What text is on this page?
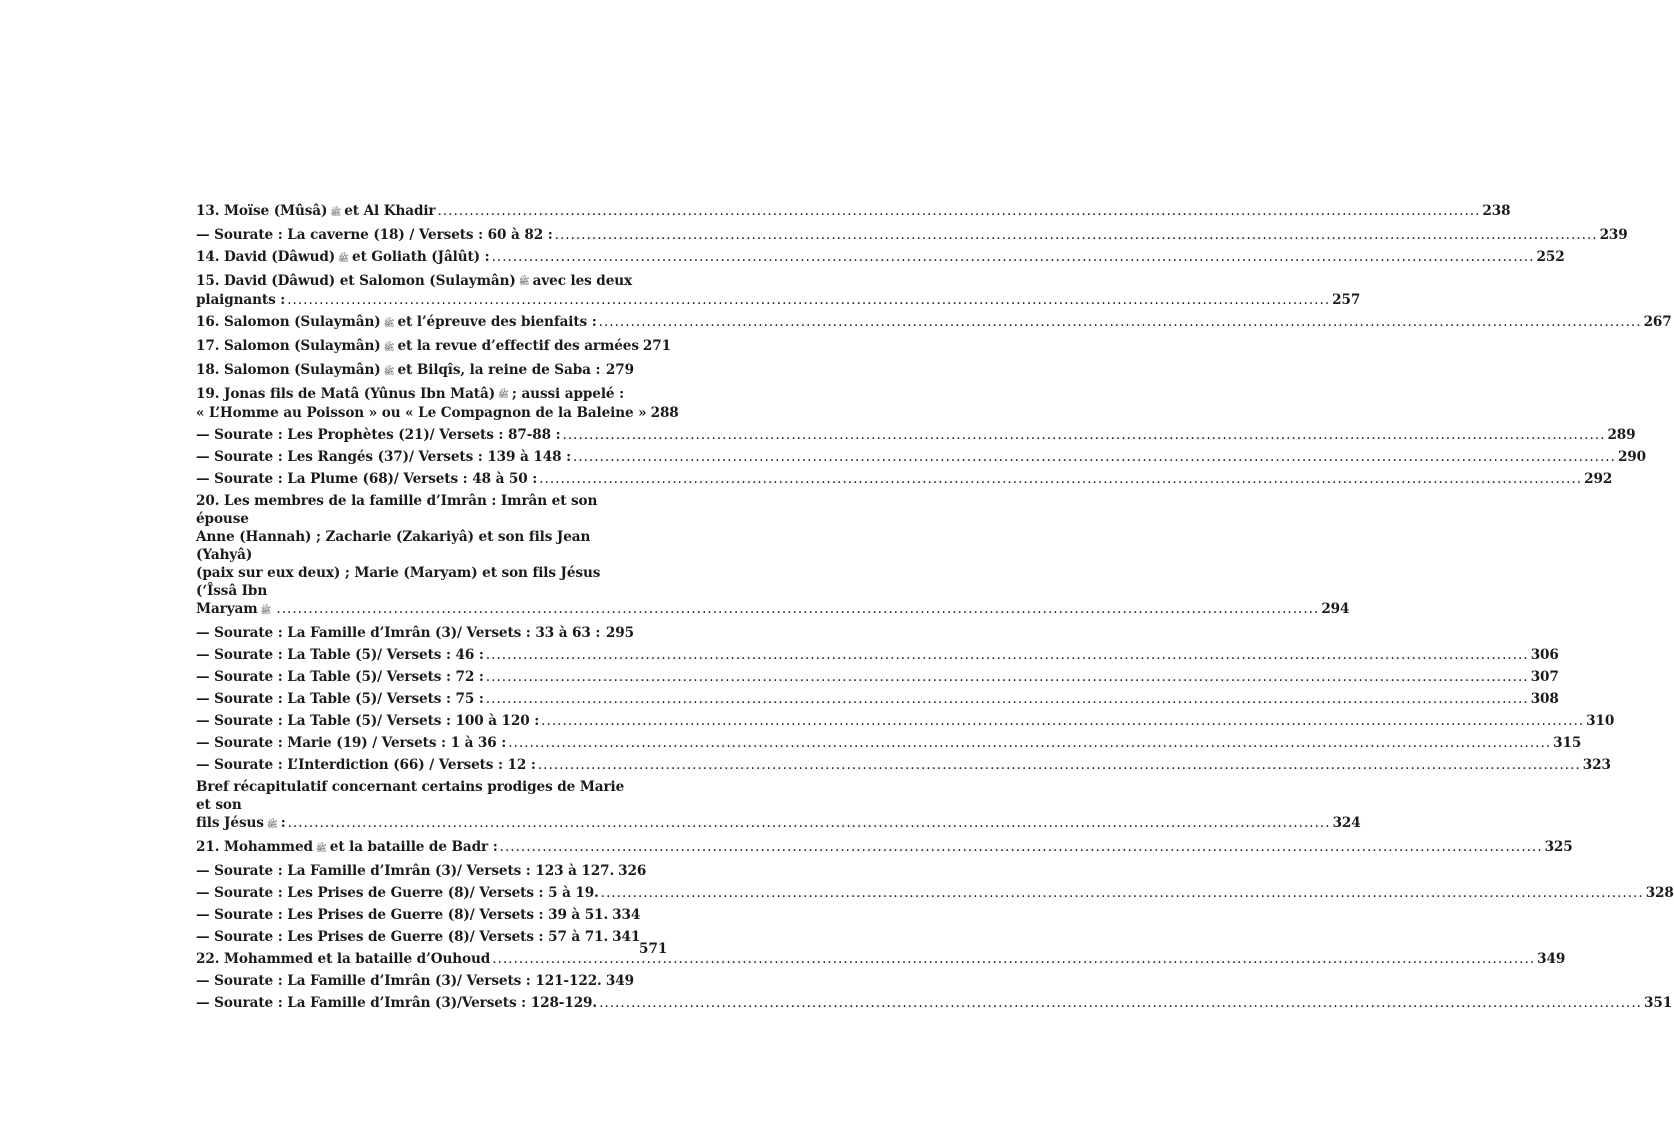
13. Moïse (Mûsâ) ﷺ et Al Khadir .....	238
— Sourate : La caverne (18) / Versets : 60 à 82 : .....	239
14. David (Dâwud) ﷺ et Goliath (Jâlût) : .....	252
15. David (Dâwud) et Salomon (Sulaymân) ﷺ avec les deux
plaignants : .....	257
16. Salomon (Sulaymân) ﷺ et l’épreuve des bienfaits : .....	267
17. Salomon (Sulaymân) ﷺ et la revue d’effectif des armées 271
18. Salomon (Sulaymân) ﷺ et Bilqîs, la reine de Saba : ..... 279
19. Jonas fils de Matâ (Yûnus Ibn Matâ) ﷺ ; aussi appelé :
« L’Homme au Poisson » ou « Le Compagnon de la Baleine » 288
— Sourate : Les Prophètes (21)/ Versets : 87-88 : .....	289
— Sourate : Les Rangés (37)/ Versets : 139 à 148 : .....	290
— Sourate : La Plume (68)/ Versets : 48 à 50 : .....	292
20. Les membres de la famille d’Imrân : Imrân et son épouse
Anne (Hannah) ; Zacharie (Zakariyâ) et son fils Jean (Yahyâ)
(paix sur eux deux) ; Marie (Maryam) et son fils Jésus (‘Îssâ Ibn
Maryam ﷺ .....	294
— Sourate : La Famille d’Imrân (3)/ Versets : 33 à 63 : ..... 295
— Sourate : La Table (5)/ Versets : 46 : .....	306
— Sourate : La Table (5)/ Versets : 72 : .....	307
— Sourate : La Table (5)/ Versets : 75 : .....	308
— Sourate : La Table (5)/ Versets : 100 à 120 : .....	310
— Sourate : Marie (19) / Versets : 1 à 36 : .....	315
— Sourate : L’Interdiction (66) / Versets : 12 : .....	323
Bref récapitulatif concernant certains prodiges de Marie et son
fils Jésus ﷺ : .....	324
21. Mohammed ﷺ et la bataille de Badr : .....	325
— Sourate : La Famille d’Imrân (3)/ Versets : 123 à 127. 326
— Sourate : Les Prises de Guerre (8)/ Versets : 5 à 19. .....	328
— Sourate : Les Prises de Guerre (8)/ Versets : 39 à 51. 334
— Sourate : Les Prises de Guerre (8)/ Versets : 57 à 71. 341
22. Mohammed et la bataille d’Ouhoud .....	349
— Sourate : La Famille d’Imrân (3)/ Versets : 121-122. ..... 349
— Sourate : La Famille d’Imrân (3)/Versets : 128-129. .....	351
571
